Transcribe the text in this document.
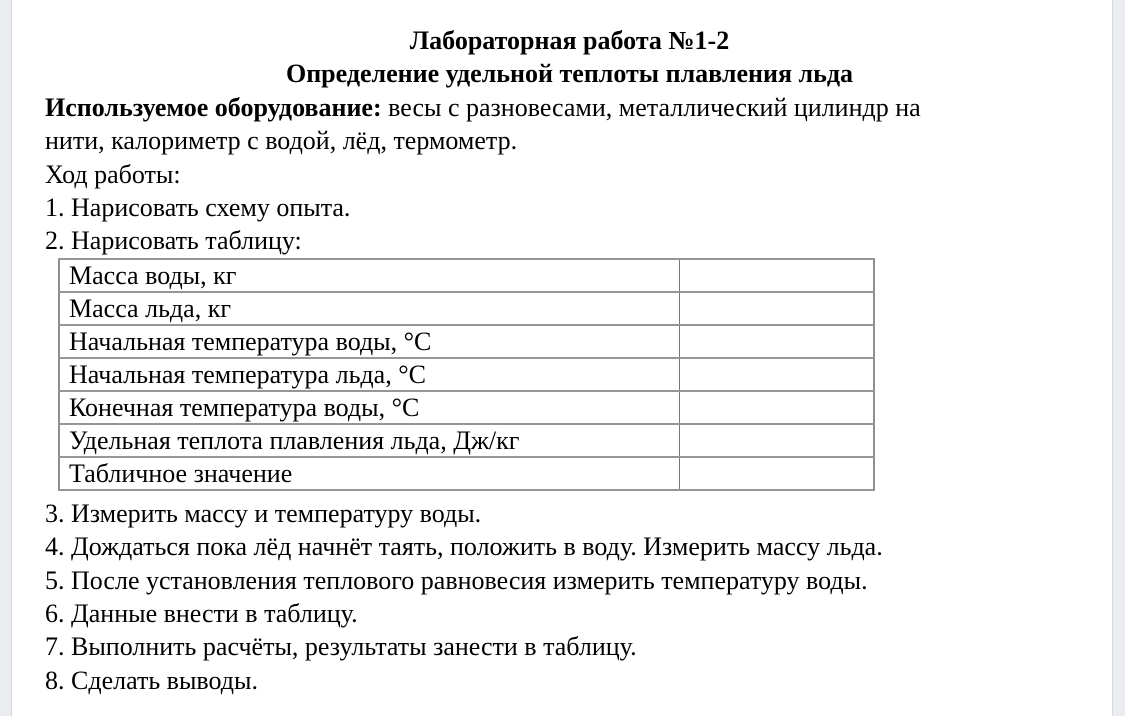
Лабораторная работа №1-2
Определение удельной теплоты плавления льда
Используемое оборудование: весы с разновесами, металлический цилиндр на
нити, калориметр с водой, лёд, термометр.
Ход работы:
1. Нарисовать схему опыта.
2. Нарисовать таблицу:
Масса воды, кг	
Масса льда, кг	
Начальная температура воды, °С	
Начальная температура льда, °С	
Конечная температура воды, °С	
Удельная теплота плавления льда, Дж/кг	
Табличное значение	
3. Измерить массу и температуру воды.
4. Дождаться пока лёд начнёт таять, положить в воду. Измерить массу льда.
5. После установления теплового равновесия измерить температуру воды.
6. Данные внести в таблицу.
7. Выполнить расчёты, результаты занести в таблицу.
8. Сделать выводы.
